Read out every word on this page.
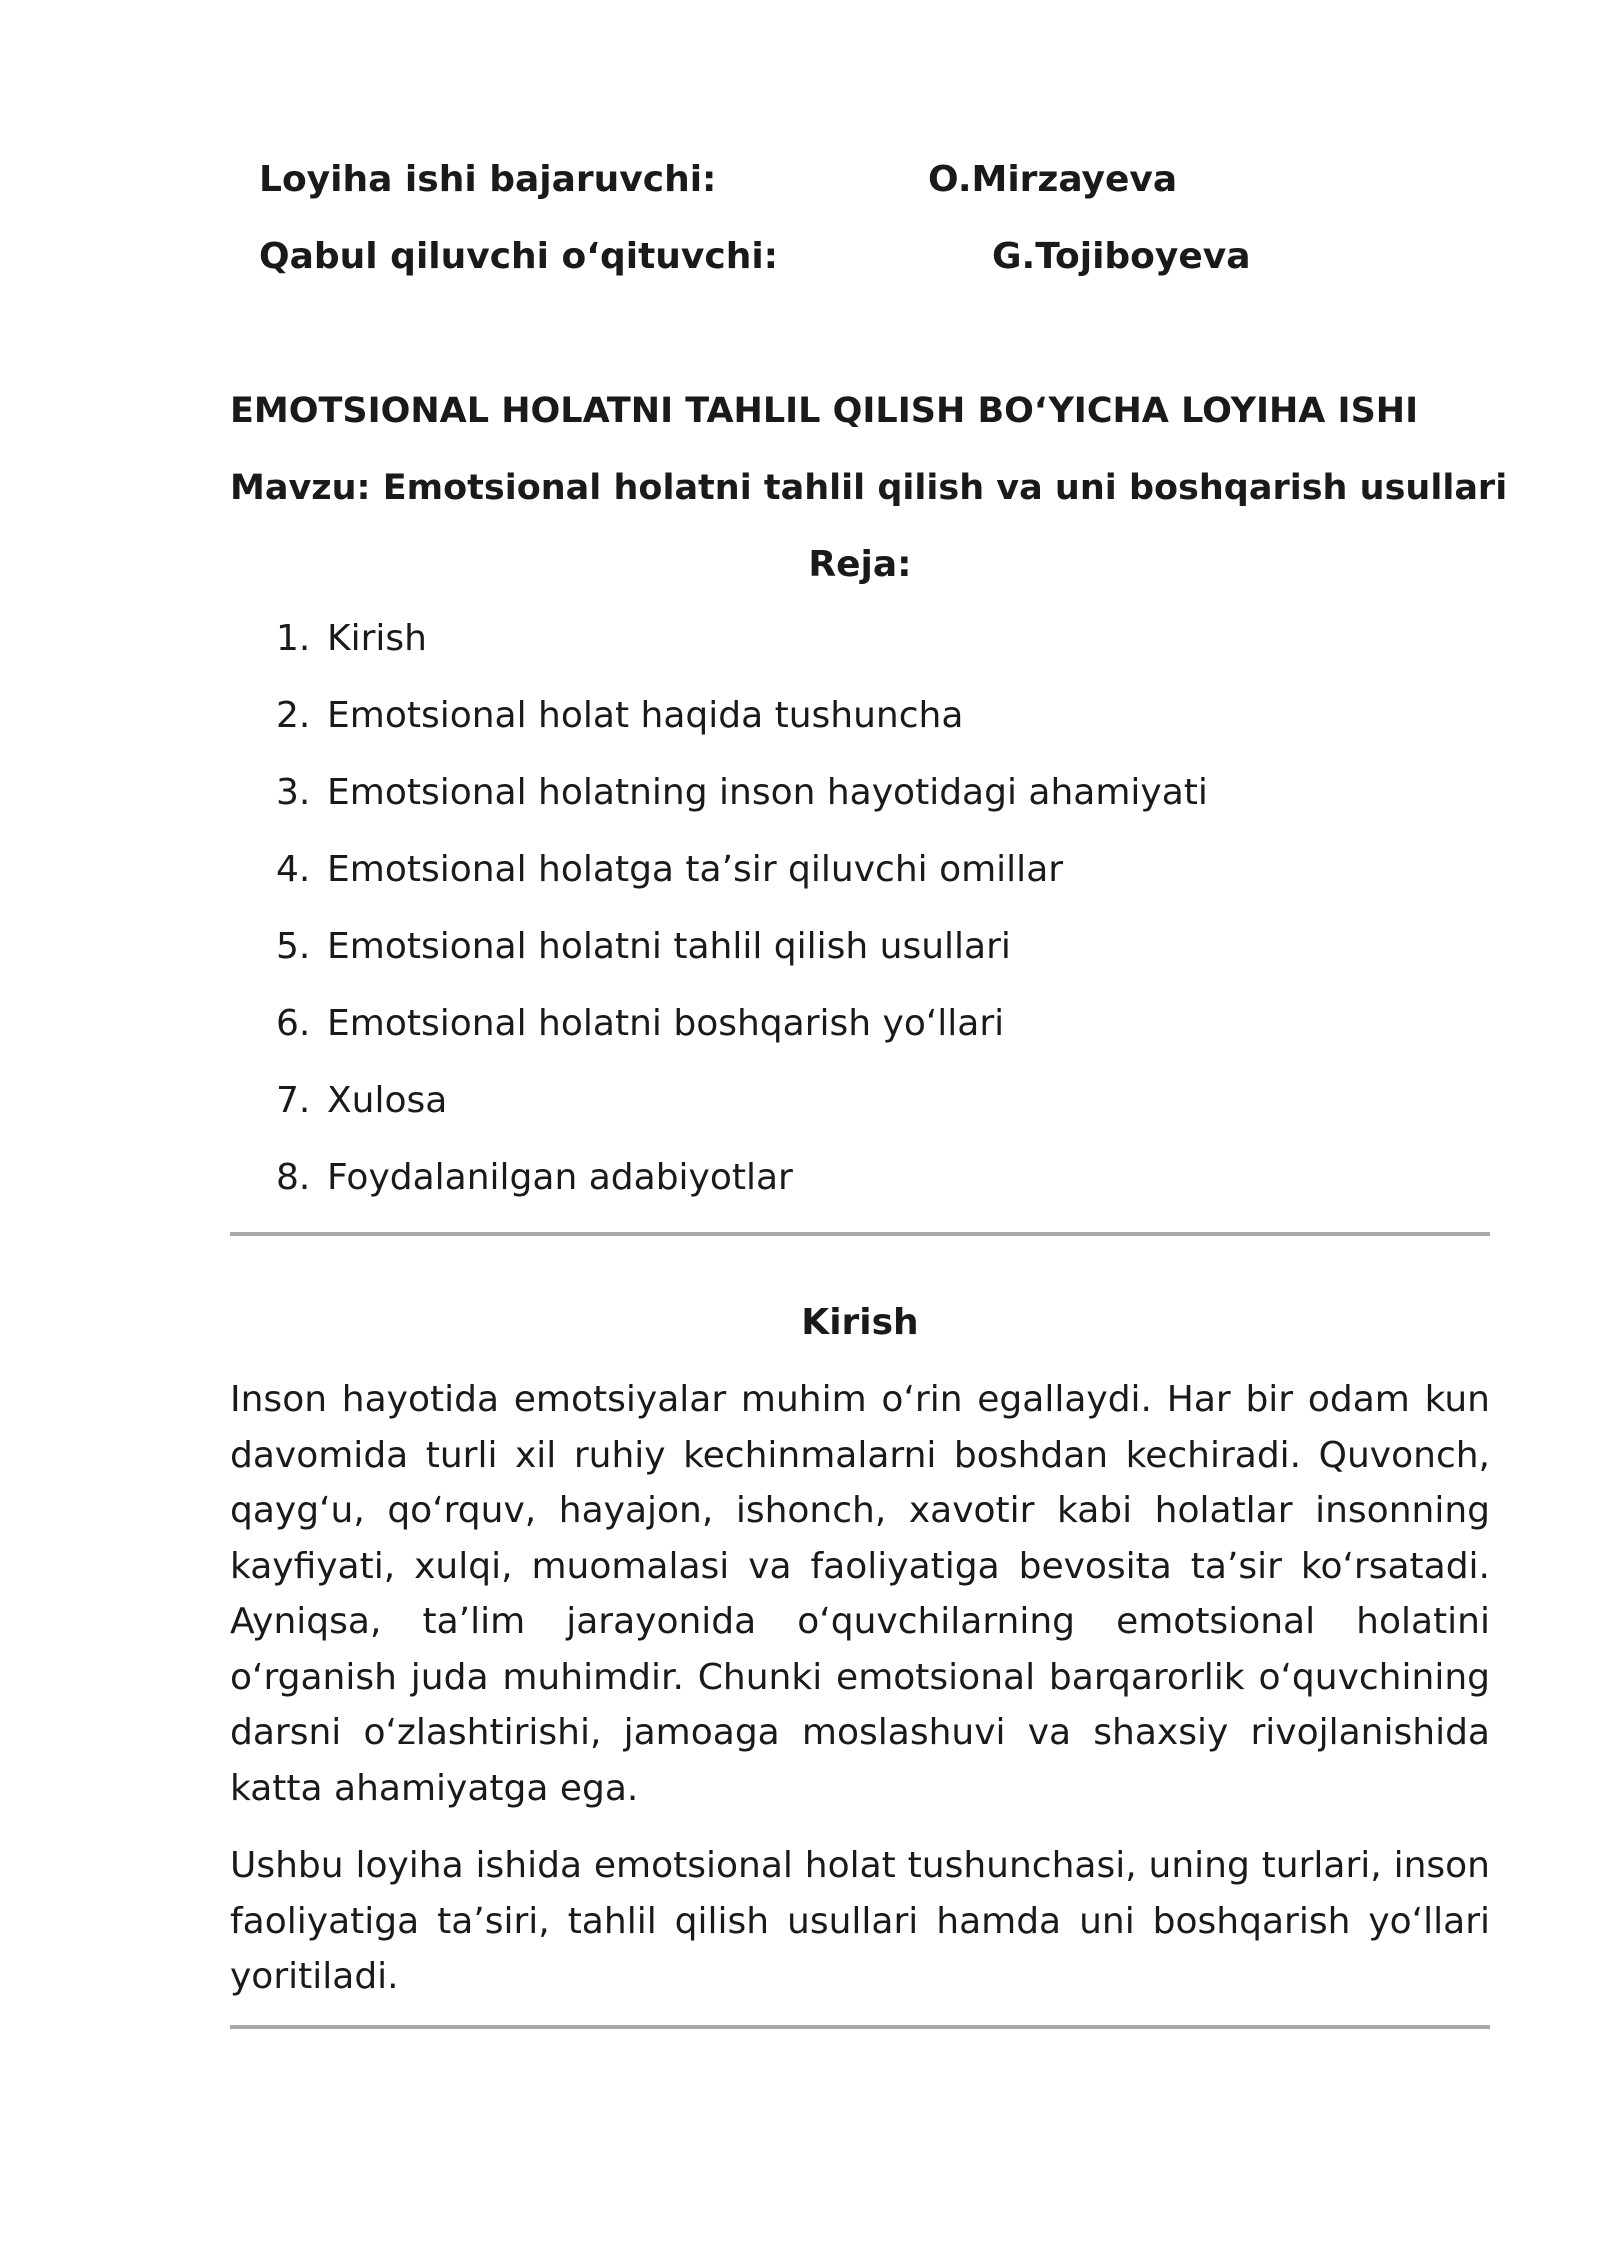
Loyiha ishi bajaruvchi:	O.Mirzayeva
Qabul qiluvchi o‘qituvchi:	G.Tojiboyeva
EMOTSIONAL HOLATNI TAHLIL QILISH BO‘YICHA LOYIHA ISHI
Mavzu: Emotsional holatni tahlil qilish va uni boshqarish usullari
Reja:
1. Kirish
2. Emotsional holat haqida tushuncha
3. Emotsional holatning inson hayotidagi ahamiyati
4. Emotsional holatga ta’sir qiluvchi omillar
5. Emotsional holatni tahlil qilish usullari
6. Emotsional holatni boshqarish yo‘llari
7. Xulosa
8. Foydalanilgan adabiyotlar
Kirish

Inson hayotida emotsiyalar muhim o‘rin egallaydi. Har bir odam kun davomida turli xil ruhiy kechinmalarni boshdan kechiradi. Quvonch, qayg‘u, qo‘rquv, hayajon, ishonch, xavotir kabi holatlar insonning kayfiyati, xulqi, muomalasi va faoliyatiga bevosita ta’sir ko‘rsatadi. Ayniqsa, ta’lim jarayonida o‘quvchilarning emotsional holatini o‘rganish juda muhimdir. Chunki emotsional barqarorlik o‘quvchining darsni o‘zlashtirishi, jamoaga moslashuvi va shaxsiy rivojlanishida katta ahamiyatga ega.

Ushbu loyiha ishida emotsional holat tushunchasi, uning turlari, inson faoliyatiga ta’siri, tahlil qilish usullari hamda uni boshqarish yo‘llari yoritiladi.
